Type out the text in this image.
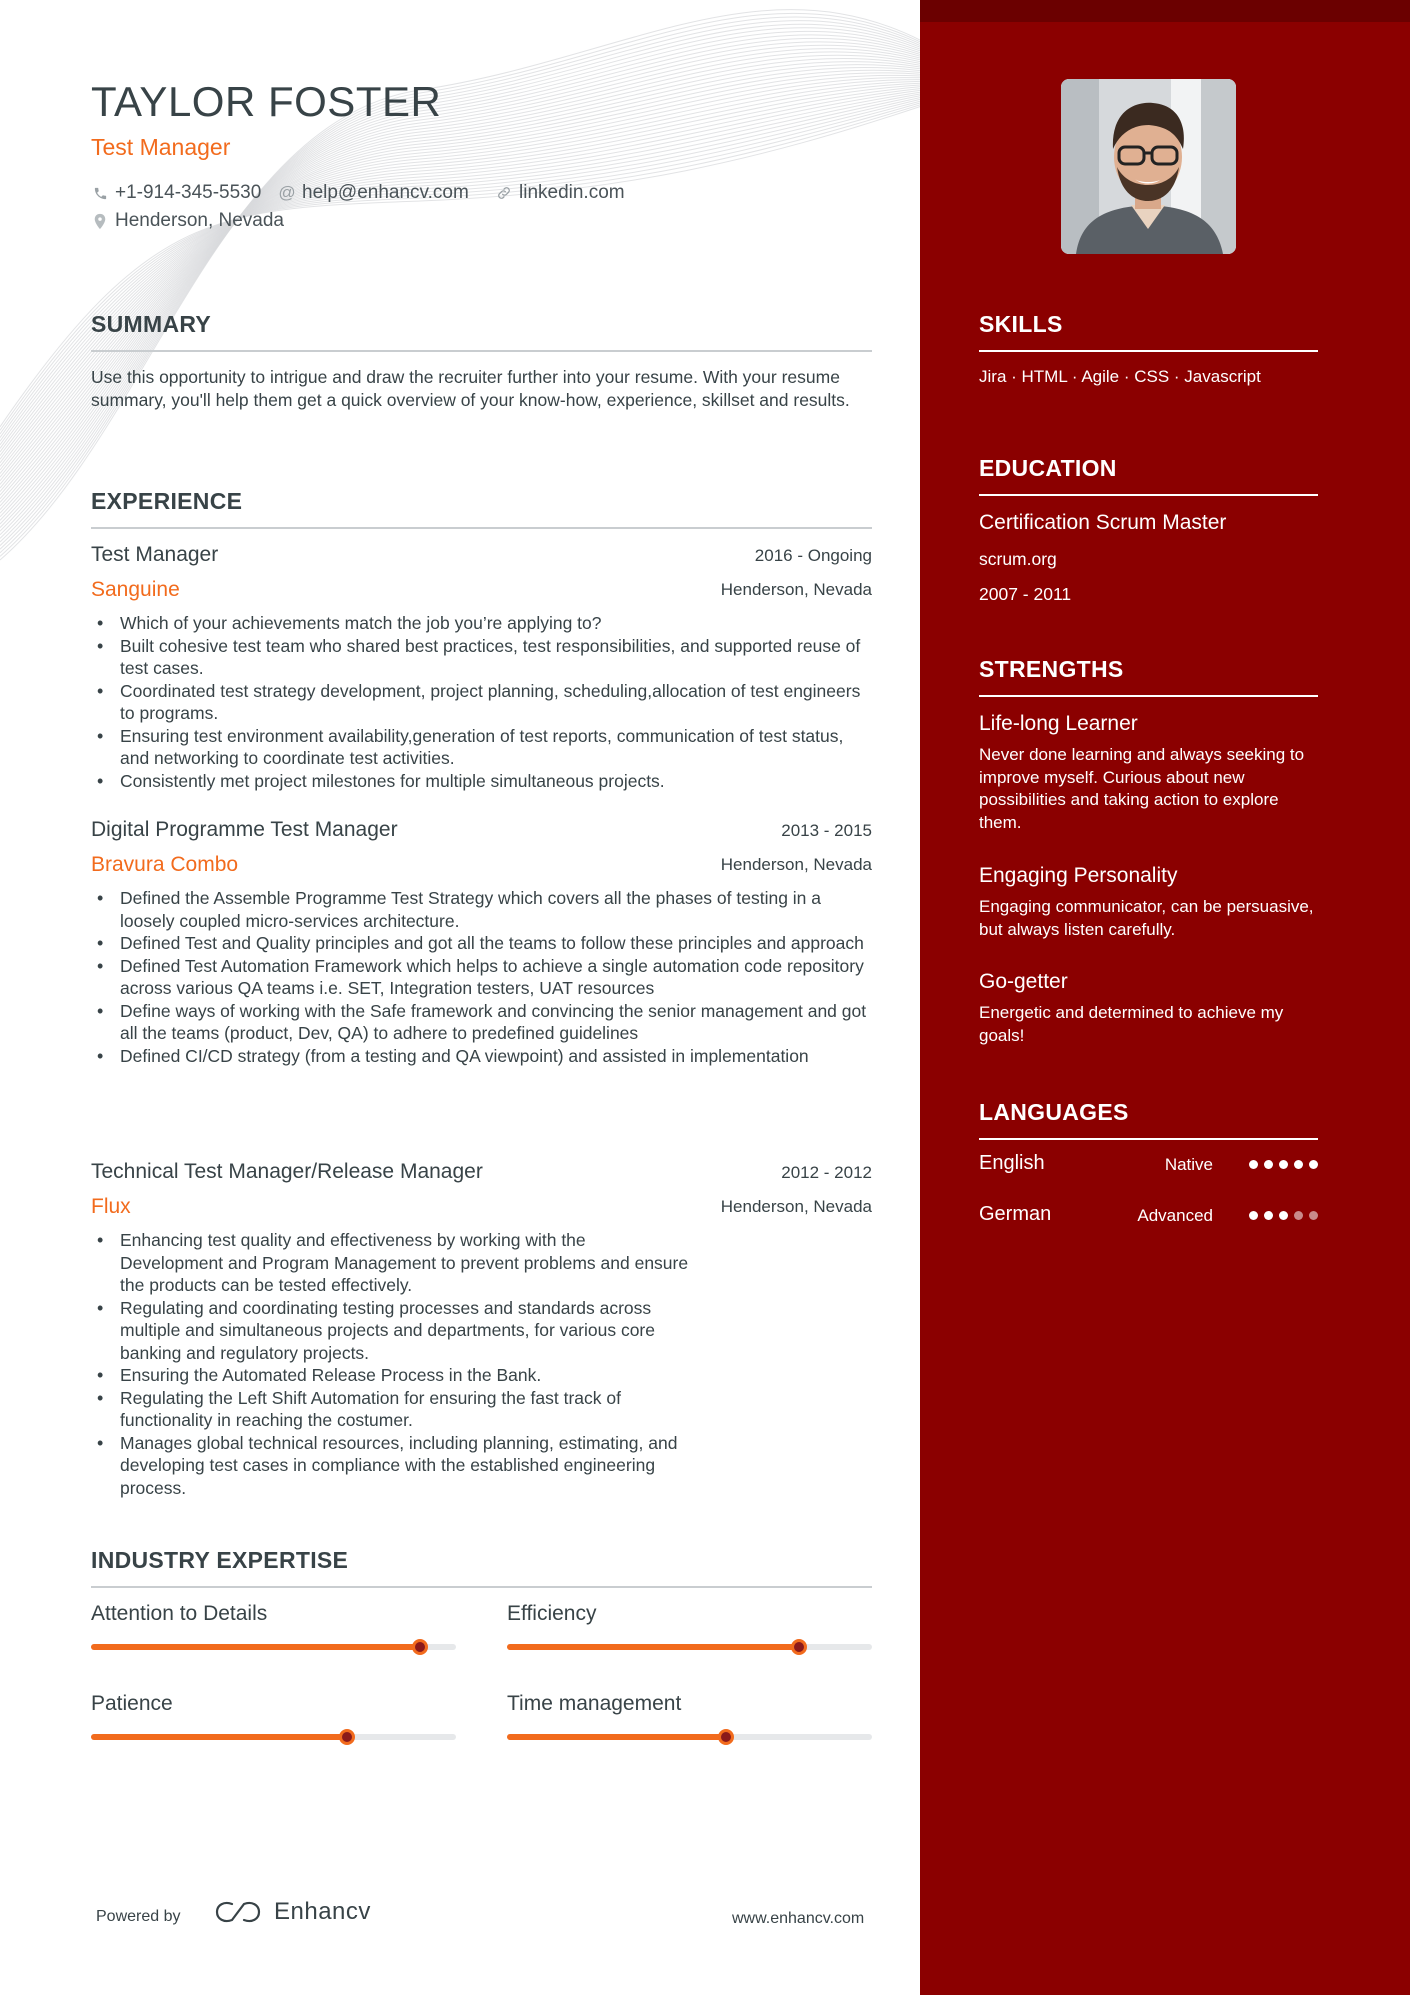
TAYLOR FOSTER
Test Manager
+1-914-345-5530 @ help@enhancv.com	linkedin.com
Henderson, Nevada
SUMMARY

Use this opportunity to intrigue and draw the recruiter further into your resume. With your resume summary, you'll help them get a quick overview of your know-how, experience, skillset and results.

EXPERIENCE
Test Manager	2016 - Ongoing
Sanguine	Henderson, Nevada
• Which of your achievements match the job you’re applying to?
• Built cohesive test team who shared best practices, test responsibilities, and supported reuse of test cases.
• Coordinated test strategy development, project planning, scheduling,allocation of test engineers to programs.
• Ensuring test environment availability,generation of test reports, communication of test status, and networking to coordinate test activities.
• Consistently met project milestones for multiple simultaneous projects.
Digital Programme Test Manager	2013 - 2015
Bravura Combo	Henderson, Nevada
• Defined the Assemble Programme Test Strategy which covers all the phases of testing in a loosely coupled micro-services architecture.
• Defined Test and Quality principles and got all the teams to follow these principles and approach
• Defined Test Automation Framework which helps to achieve a single automation code repository across various QA teams i.e. SET, Integration testers, UAT resources
• Define ways of working with the Safe framework and convincing the senior management and got all the teams (product, Dev, QA) to adhere to predefined guidelines
• Defined CI/CD strategy (from a testing and QA viewpoint) and assisted in implementation
Technical Test Manager/Release Manager	2012 - 2012
Flux	Henderson, Nevada
• Enhancing test quality and effectiveness by working with the Development and Program Management to prevent problems and ensure the products can be tested effectively.
• Regulating and coordinating testing processes and standards across multiple and simultaneous projects and departments, for various core banking and regulatory projects.
• Ensuring the Automated Release Process in the Bank.
• Regulating the Left Shift Automation for ensuring the fast track of functionality in reaching the costumer.
• Manages global technical resources, including planning, estimating, and developing test cases in compliance with the established engineering process.
INDUSTRY EXPERTISE
Attention to Details	Efficiency
Patience	Time management
Powered by	Enhancv	www.enhancv.com
SKILLS
Jira · HTML · Agile · CSS · Javascript
EDUCATION
Certification Scrum Master
scrum.org
2007 - 2011
STRENGTHS
Life-long Learner
Never done learning and always seeking to improve myself. Curious about new possibilities and taking action to explore them.
Engaging Personality
Engaging communicator, can be persuasive, but always listen carefully.
Go-getter
Energetic and determined to achieve my goals!
LANGUAGES
English	Native
German	Advanced
